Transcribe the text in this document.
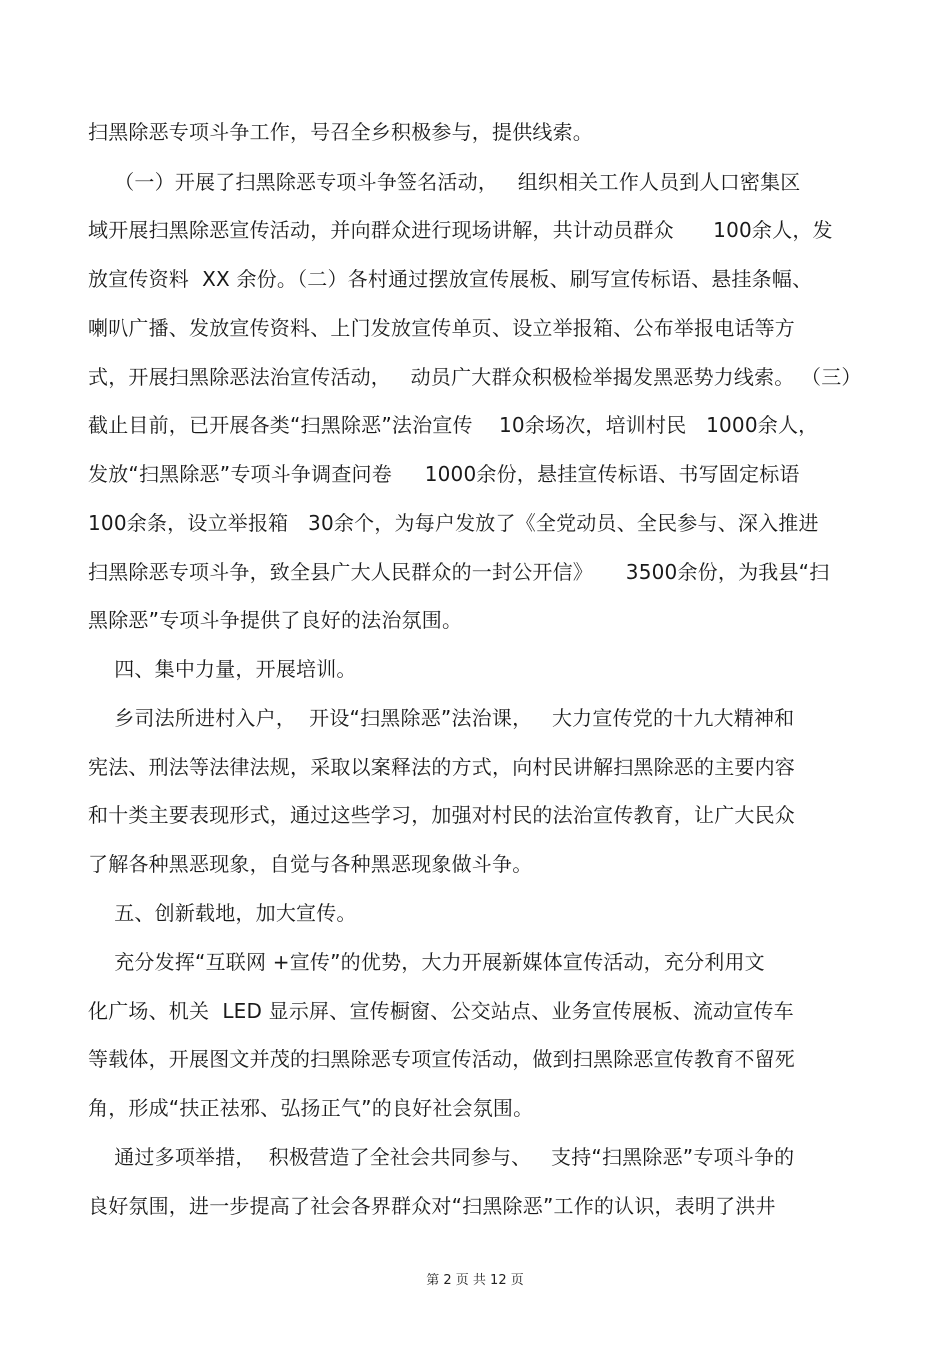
扫黑除恶专项斗争工作，号召全乡积极参与，提供线索。
（一）开展了扫黑除恶专项斗争签名活动，   组织相关工作人员到人口密集区
域开展扫黑除恶宣传活动，并向群众进行现场讲解，共计动员群众      100余人，发
放宣传资料  XX 余份。（二）各村通过摆放宣传展板、刷写宣传标语、悬挂条幅、
喇叭广播、发放宣传资料、上门发放宣传单页、设立举报箱、公布举报电话等方
式，开展扫黑除恶法治宣传活动，   动员广大群众积极检举揭发黑恶势力线索。 （三）
截止目前，已开展各类“扫黑除恶”法治宣传    10余场次，培训村民   1000余人，
发放“扫黑除恶”专项斗争调查问卷     1000余份，悬挂宣传标语、书写固定标语
100余条，设立举报箱   30余个，为每户发放了《全党动员、全民参与、深入推进
扫黑除恶专项斗争，致全县广大人民群众的一封公开信》     3500余份，为我县“扫
黑除恶”专项斗争提供了良好的法治氛围。
四、集中力量，开展培训。
乡司法所进村入户，  开设“扫黑除恶”法治课，   大力宣传党的十九大精神和
宪法、刑法等法律法规，采取以案释法的方式，向村民讲解扫黑除恶的主要内容
和十类主要表现形式，通过这些学习，加强对村民的法治宣传教育，让广大民众
了解各种黑恶现象，自觉与各种黑恶现象做斗争。
五、创新载地，加大宣传。
充分发挥“互联网 +宣传”的优势，大力开展新媒体宣传活动，充分利用文
化广场、机关  LED 显示屏、宣传橱窗、公交站点、业务宣传展板、流动宣传车
等载体，开展图文并茂的扫黑除恶专项宣传活动，做到扫黑除恶宣传教育不留死
角，形成“扶正祛邪、弘扬正气”的良好社会氛围。
通过多项举措，  积极营造了全社会共同参与、   支持“扫黑除恶”专项斗争的
良好氛围，进一步提高了社会各界群众对“扫黑除恶”工作的认识，表明了洪井
第 2 页 共 12 页
